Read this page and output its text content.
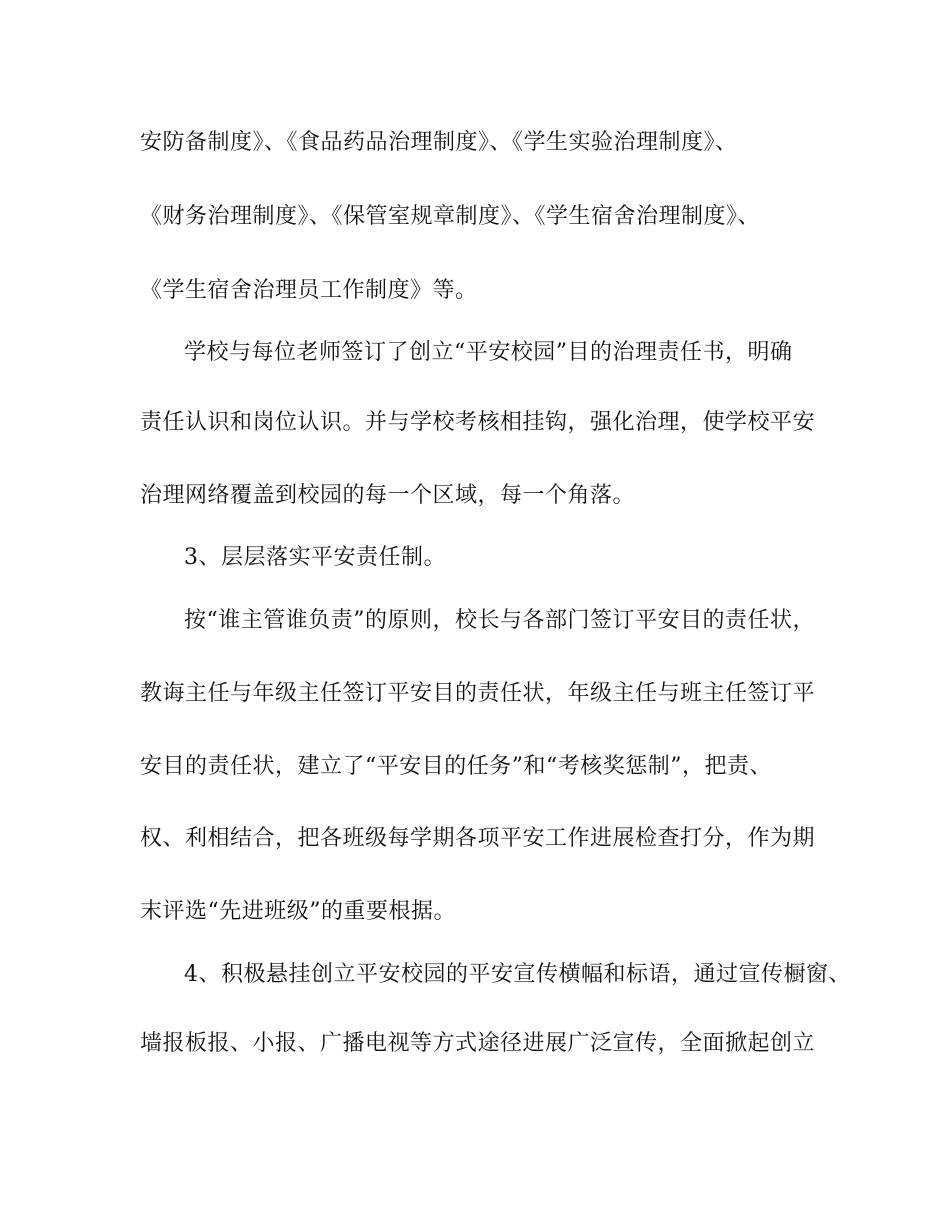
安防备制度》、《食品药品治理制度》、《学生实验治理制度》、
《财务治理制度》、《保管室规章制度》、《学生宿舍治理制度》、
《学生宿舍治理员工作制度》等。
学校与每位老师签订了创立“平安校园”目的治理责任书，明确
责任认识和岗位认识。并与学校考核相挂钩，强化治理，使学校平安
治理网络覆盖到校园的每一个区域，每一个角落。
3、层层落实平安责任制。
按“谁主管谁负责”的原则，校长与各部门签订平安目的责任状，
教诲主任与年级主任签订平安目的责任状，年级主任与班主任签订平
安目的责任状，建立了“平安目的任务”和“考核奖惩制”，把责、
权、利相结合，把各班级每学期各项平安工作进展检查打分，作为期
末评选“先进班级”的重要根据。
4、积极悬挂创立平安校园的平安宣传横幅和标语，通过宣传橱窗、
墙报板报、小报、广播电视等方式途径进展广泛宣传，全面掀起创立
